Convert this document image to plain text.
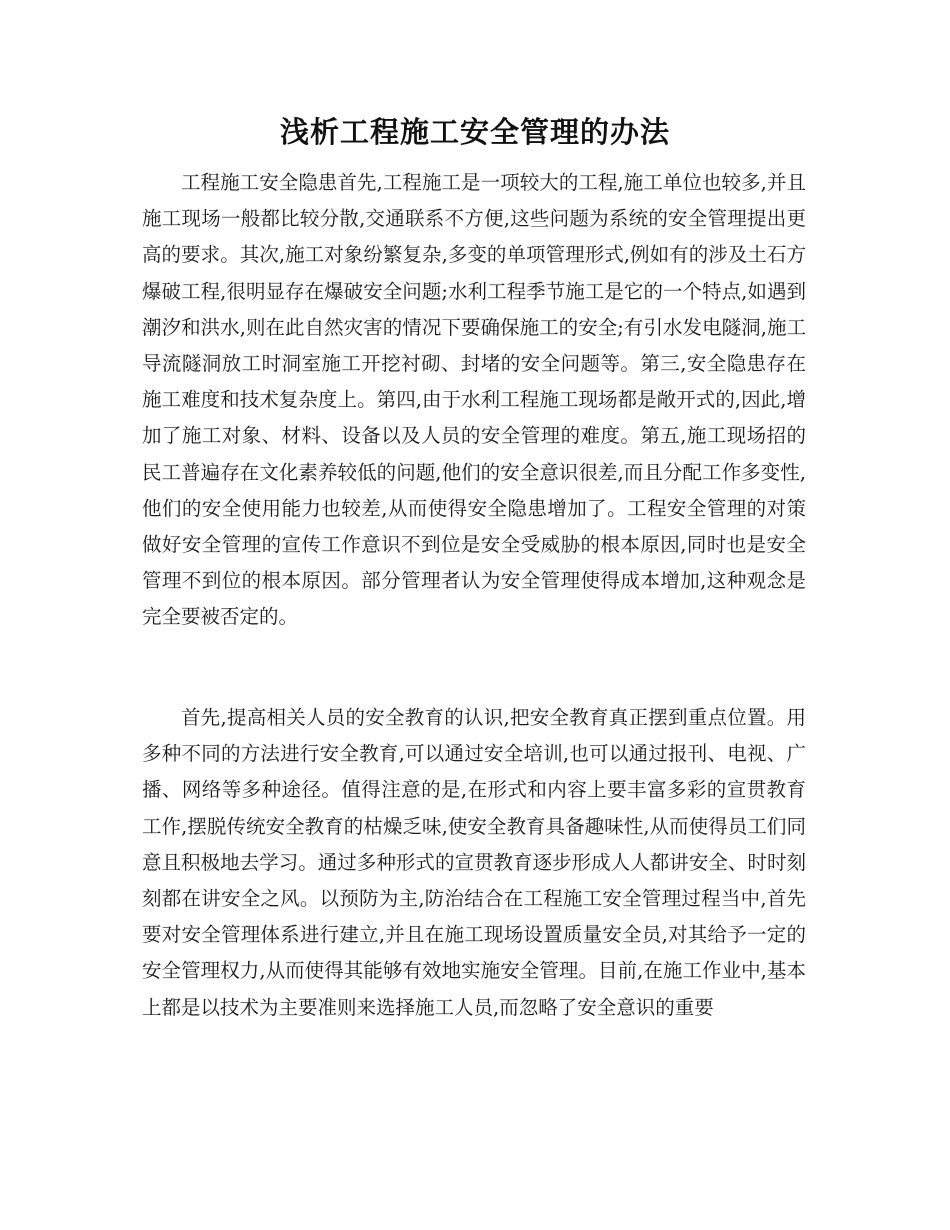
浅析工程施工安全管理的办法

工程施工安全隐患首先,工程施工是一项较大的工程,施工单位也较多,并且施工现场一般都比较分散,交通联系不方便,这些问题为系统的安全管理提出更高的要求。其次,施工对象纷繁复杂,多变的单项管理形式,例如有的涉及土石方爆破工程,很明显存在爆破安全问题;水利工程季节施工是它的一个特点,如遇到潮汐和洪水,则在此自然灾害的情况下要确保施工的安全;有引水发电隧洞,施工导流隧洞放工时洞室施工开挖衬砌、封堵的安全问题等。第三,安全隐患存在施工难度和技术复杂度上。第四,由于水利工程施工现场都是敞开式的,因此,增加了施工对象、材料、设备以及人员的安全管理的难度。第五,施工现场招的民工普遍存在文化素养较低的问题,他们的安全意识很差,而且分配工作多变性,他们的安全使用能力也较差,从而使得安全隐患增加了。工程安全管理的对策做好安全管理的宣传工作意识不到位是安全受威胁的根本原因,同时也是安全管理不到位的根本原因。部分管理者认为安全管理使得成本增加,这种观念是完全要被否定的。

首先,提高相关人员的安全教育的认识,把安全教育真正摆到重点位置。用多种不同的方法进行安全教育,可以通过安全培训,也可以通过报刊、电视、广播、网络等多种途径。值得注意的是,在形式和内容上要丰富多彩的宣贯教育工作,摆脱传统安全教育的枯燥乏味,使安全教育具备趣味性,从而使得员工们同意且积极地去学习。通过多种形式的宣贯教育逐步形成人人都讲安全、时时刻刻都在讲安全之风。以预防为主,防治结合在工程施工安全管理过程当中,首先要对安全管理体系进行建立,并且在施工现场设置质量安全员,对其给予一定的安全管理权力,从而使得其能够有效地实施安全管理。目前,在施工作业中,基本上都是以技术为主要准则来选择施工人员,而忽略了安全意识的重要
